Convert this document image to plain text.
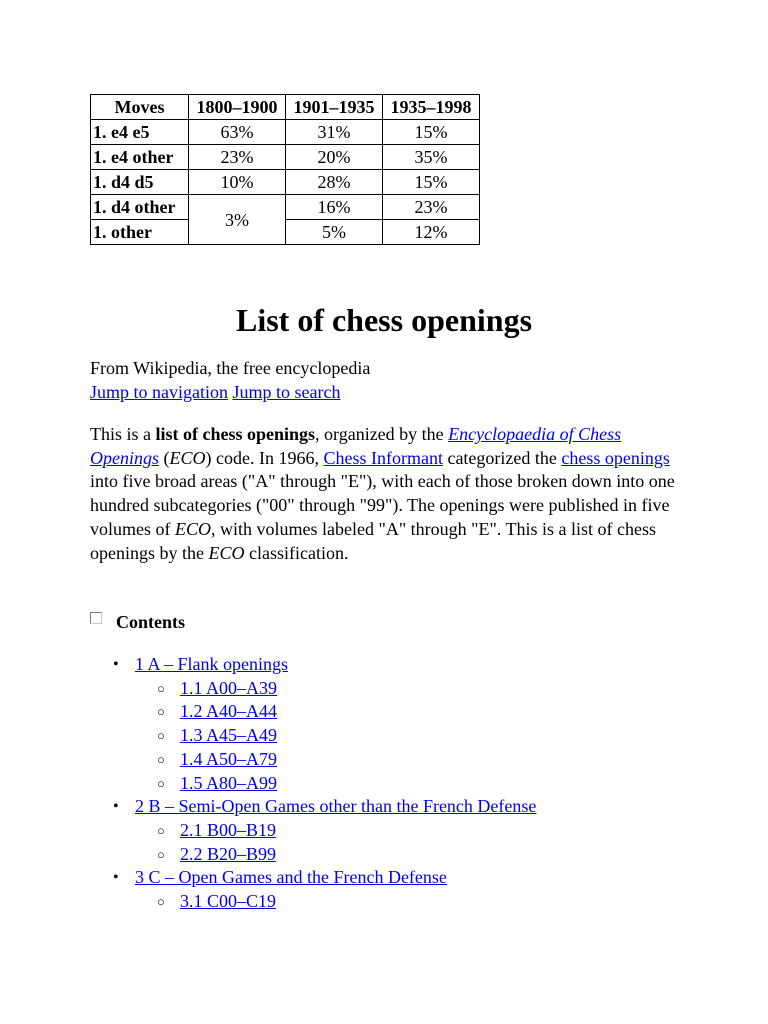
Moves	1800–1900	1901–1935	1935–1998
1. e4 e5	63%	31%	15%
1. e4 other	23%	20%	35%
1. d4 d5	10%	28%	15%
1. d4 other	3%	16%	23%
1. other		5%	12%
List of chess openings

From Wikipedia, the free encyclopedia

Jump to navigation Jump to search

This is a list of chess openings, organized by the Encyclopaedia of Chess Openings (ECO) code. In 1966, Chess Informant categorized the chess openings into five broad areas ("A" through "E"), with each of those broken down into one hundred subcategories ("00" through "99"). The openings were published in five volumes of ECO, with volumes labeled "A" through "E". This is a list of chess openings by the ECO classification.

Contents
• 1 A – Flank openings
○ 1.1 A00–A39
○ 1.2 A40–A44
○ 1.3 A45–A49
○ 1.4 A50–A79
○ 1.5 A80–A99
• 2 B – Semi-Open Games other than the French Defense
○ 2.1 B00–B19
○ 2.2 B20–B99
• 3 C – Open Games and the French Defense
○ 3.1 C00–C19
